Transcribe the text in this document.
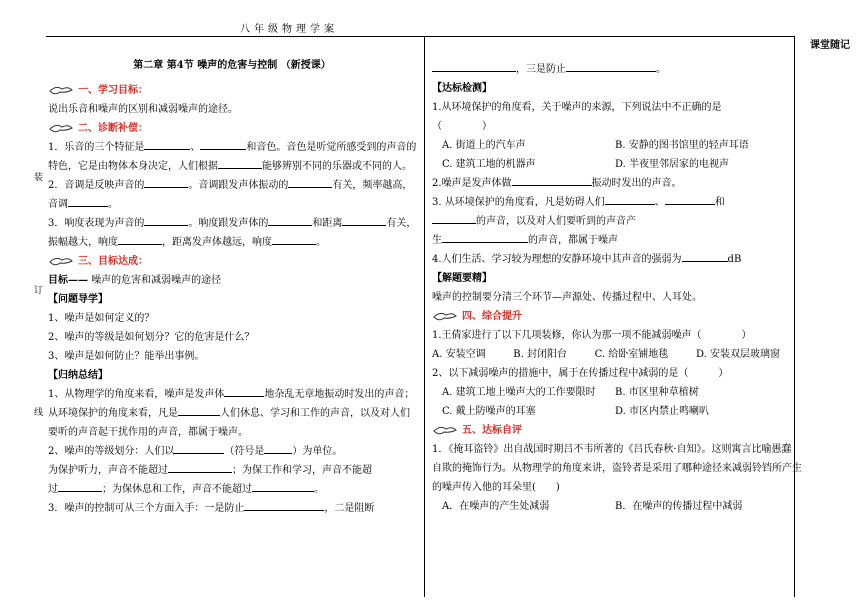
八年级物理学案
课堂随记
装
订
线

第二章 第4节 噪声的危害与控制 （新授课）

一、学习目标：

说出乐音和噪声的区别和减弱噪声的途径。

二、诊断补偿：

1．乐音的三个特征是	、	和音色。音色是听觉所感受到的声音的

特色，它是由物体本身决定，人们根据	能够辨别不同的乐器或不同的人。

2．音调是反映声音的	。音调跟发声体振动的	有关，频率越高，

音调	。

3．响度表现为声音的	。响度跟发声体的	和距离	有关，

振幅越大，响度	，距离发声体越远，响度	。

三、目标达成：

目标—— 噪声的危害和减弱噪声的途径

【问题导学】

1、噪声是如何定义的？

2、噪声的等级是如何划分？它的危害是什么？

3、噪声是如何防止？能举出事例。

【归纳总结】

1、从物理学的角度来看，噪声是发声体	地杂乱无章地振动时发出的声音；

从环境保护的角度来看，凡是	人们休息、学习和工作的声音，以及对人们

要听的声音起干扰作用的声音，都属于噪声。

2、噪声的等级划分：人们以	（符号是	）为单位。

为保护听力，声音不能超过	；为保工作和学习，声音不能超

过	；为保休息和工作，声音不能超过	。

3．噪声的控制可从三个方面入手：一是防止	，二是阻断

，三是防止	。

【达标检测】

1.从环境保护的角度看，关于噪声的来源，下列说法中不正确的是

（　　　　）

A. 街道上的汽车声	B. 安静的图书馆里的轻声耳语

C. 建筑工地的机器声	D. 半夜里邻居家的电视声

2.噪声是发声体做	振动时发出的声音。

3. 从环境保护的角度看，凡是妨碍人们	、	和

的声音，以及对人们要听到的声音产

生	的声音，都属于噪声

4.人们生活、学习较为理想的安静环境中其声音的强弱为	dB

【解题要精】

噪声的控制要分清三个环节—声源处、传播过程中、人耳处。

四、综合提升

1.王倩家进行了以下几项装修，你认为那一项不能减弱噪声（　　　　）

A. 安装空调	B. 封闭阳台	C. 给卧室铺地毯	D. 安装双层玻璃窗

2、以下减弱噪声的措施中，属于在传播过程中减弱的是（　　　）

A. 建筑工地上噪声大的工作要限时	B. 市区里种草植树

C. 戴上防噪声的耳塞	D. 市区内禁止鸣喇叭

五、达标自评

1．《掩耳盗铃》出自战国时期吕不韦所著的《吕氏春秋·自知》。这则寓言比喻愚蠢

自欺的掩饰行为。从物理学的角度来讲，盗铃者是采用了哪种途径来减弱铃铛所产生

的噪声传入他的耳朵里(　　)

A．在噪声的产生处减弱	B．在噪声的传播过程中减弱
